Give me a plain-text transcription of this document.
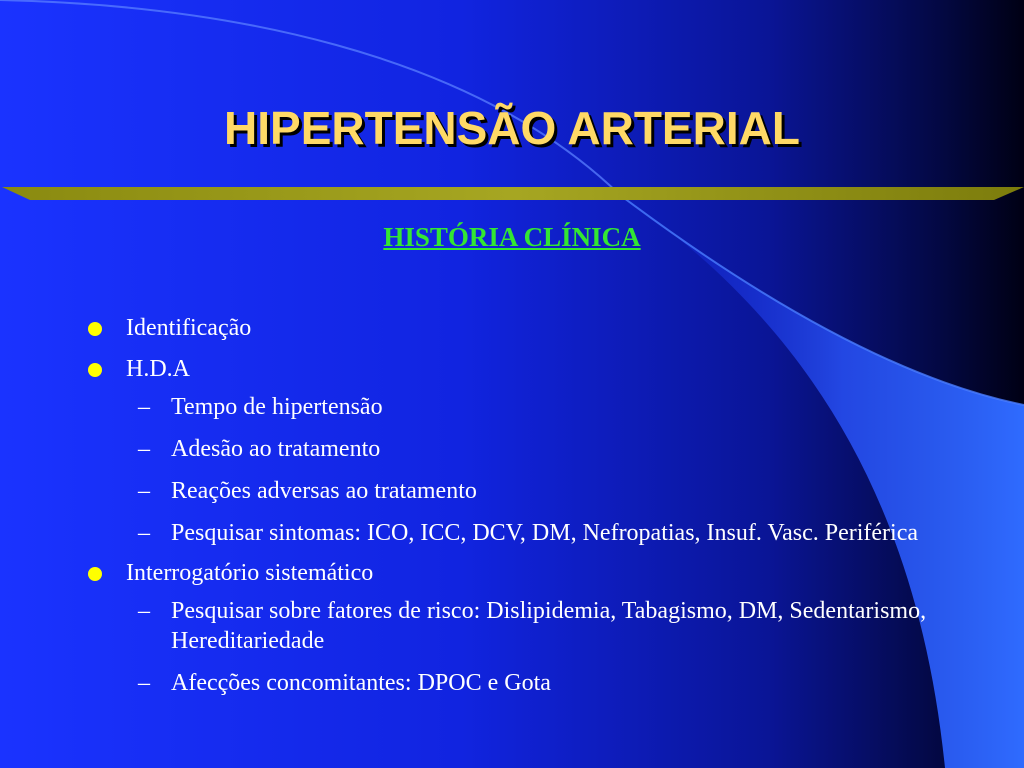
HIPERTENSÃO ARTERIAL
HISTÓRIA CLÍNICA
Identificação
H.D.A
– Tempo de hipertensão
– Adesão ao tratamento
– Reações adversas ao tratamento
– Pesquisar sintomas: ICO, ICC, DCV, DM, Nefropatias, Insuf. Vasc. Periférica
Interrogatório sistemático
– Pesquisar sobre fatores de risco: Dislipidemia, Tabagismo, DM, Sedentarismo, Hereditariedade
– Afecções concomitantes: DPOC e Gota
